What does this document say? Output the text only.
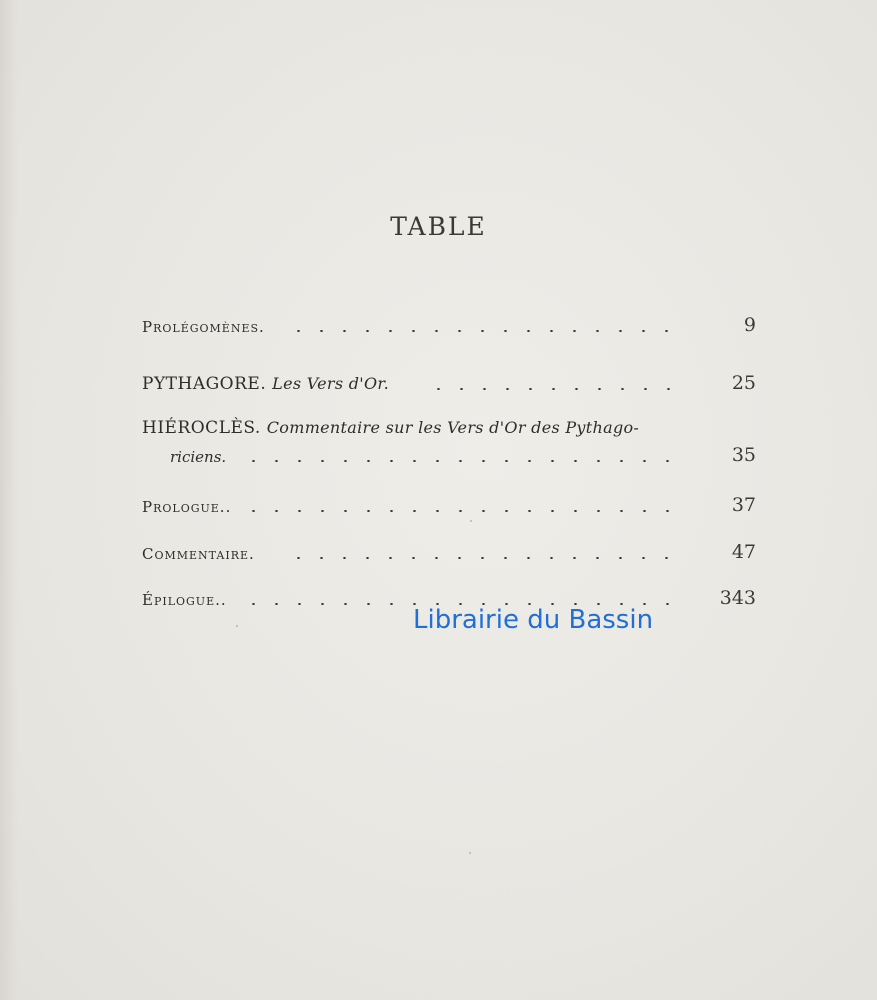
TABLE
Prolégomènes.	9
PYTHAGORE. Les Vers d'Or.	25
HIÉROCLÈS. Commentaire sur les Vers d'Or des Pythago-
riciens.	35
Prologue..	37
Commentaire.	47
Épilogue..	343
Librairie du Bassin
